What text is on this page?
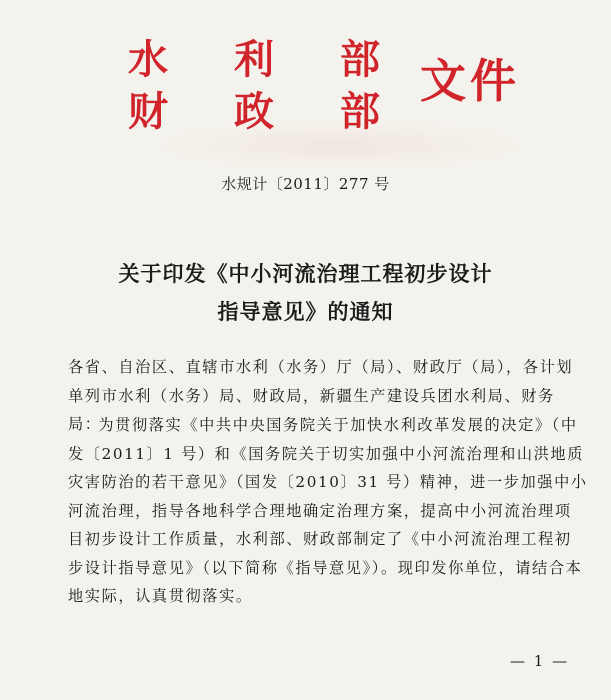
水 利 部
财 政 部
文件
水规计〔2011〕277 号
关于印发《中小河流治理工程初步设计
指导意见》的通知
各省、自治区、直辖市水利（水务）厅（局）、财政厅（局），各计划单列市水利（水务）局、财政局，新疆生产建设兵团水利局、财务局：
为贯彻落实《中共中央国务院关于加快水利改革发展的决定》（中发〔2011〕1 号）和《国务院关于切实加强中小河流治理和山洪地质灾害防治的若干意见》（国发〔2010〕31 号）精神，进一步加强中小河流治理，指导各地科学合理地确定治理方案，提高中小河流治理项目初步设计工作质量，水利部、财政部制定了《中小河流治理工程初步设计指导意见》（以下简称《指导意见》）。现印发你单位，请结合本地实际，认真贯彻落实。
— 1 —
